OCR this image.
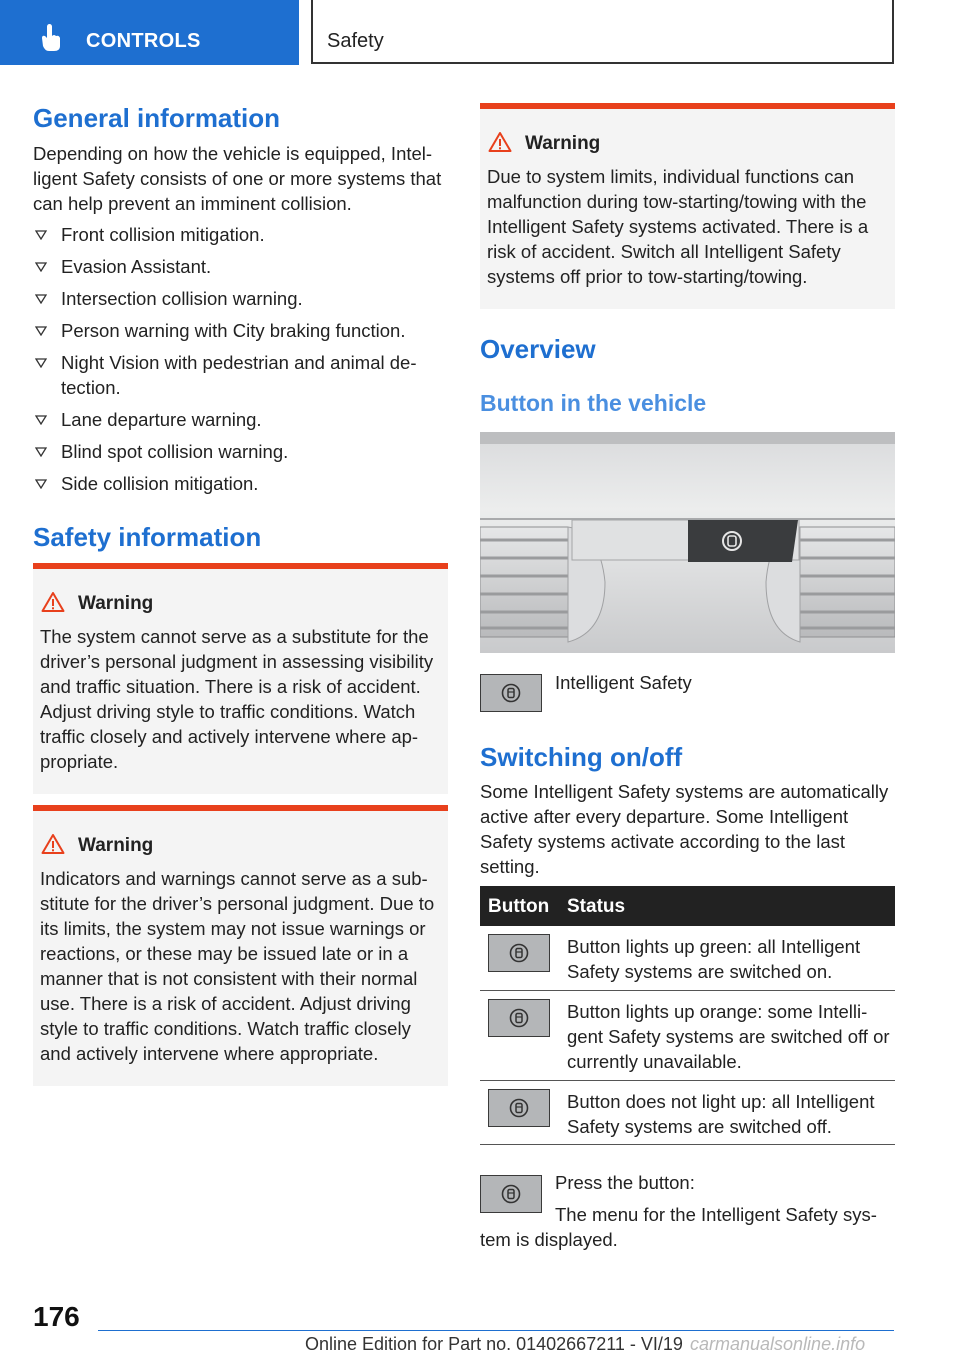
CONTROLS	Safety
General information
Depending on how the vehicle is equipped, Intelligent Safety consists of one or more systems that can help prevent an imminent collision.
Front collision mitigation.
Evasion Assistant.
Intersection collision warning.
Person warning with City braking function.
Night Vision with pedestrian and animal detection.
Lane departure warning.
Blind spot collision warning.
Side collision mitigation.
Safety information
Warning
The system cannot serve as a substitute for the driver’s personal judgment in assessing visibility and traffic situation. There is a risk of accident. Adjust driving style to traffic conditions. Watch traffic closely and actively intervene where appropriate.
Warning
Indicators and warnings cannot serve as a substitute for the driver’s personal judgment. Due to its limits, the system may not issue warnings or reactions, or these may be issued late or in a manner that is not consistent with their normal use. There is a risk of accident. Adjust driving style to traffic conditions. Watch traffic closely and actively intervene where appropriate.
Warning
Due to system limits, individual functions can malfunction during tow-starting/towing with the Intelligent Safety systems activated. There is a risk of accident. Switch all Intelligent Safety systems off prior to tow-starting/towing.
Overview
Button in the vehicle
Intelligent Safety
Switching on/off
Some Intelligent Safety systems are automatically active after every departure. Some Intelligent Safety systems activate according to the last setting.
Button Status
Button lights up green: all Intelligent Safety systems are switched on.
Button lights up orange: some Intelligent Safety systems are switched off or currently unavailable.
Button does not light up: all Intelligent Safety systems are switched off.
Press the button:
The menu for the Intelligent Safety system is displayed.
176
Online Edition for Part no. 01402667211 - VI/19 carmanualsonline.info
